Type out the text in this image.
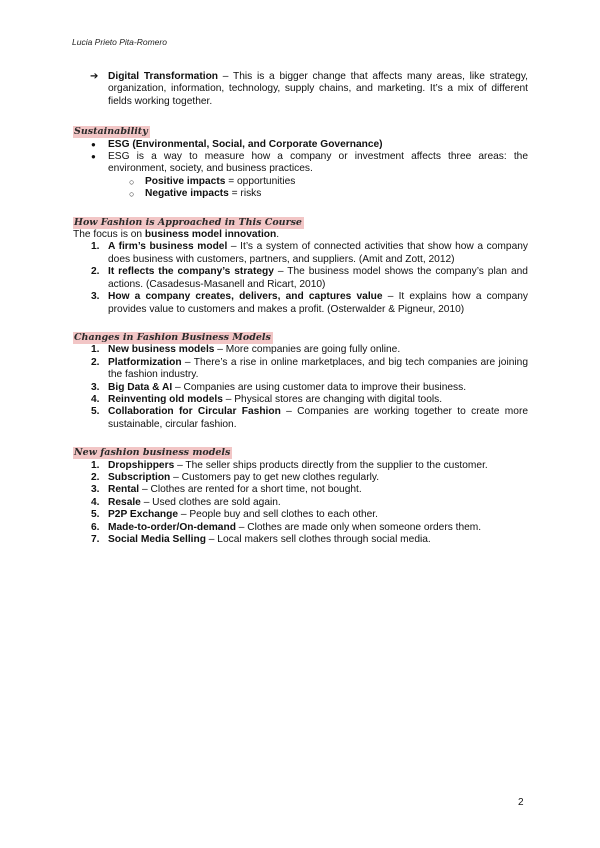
Lucia Prieto Pita-Romero
➔ Digital Transformation – This is a bigger change that affects many areas, like strategy, organization, information, technology, supply chains, and marketing. It’s a mix of different fields working together.
Sustainability
● ESG (Environmental, Social, and Corporate Governance)
● ESG is a way to measure how a company or investment affects three areas: the environment, society, and business practices.
○ Positive impacts = opportunities
○ Negative impacts = risks
How Fashion is Approached in This Course
The focus is on business model innovation.
1. A firm’s business model – It’s a system of connected activities that show how a company does business with customers, partners, and suppliers. (Amit and Zott, 2012)
2. It reflects the company’s strategy – The business model shows the company’s plan and actions. (Casadesus-Masanell and Ricart, 2010)
3. How a company creates, delivers, and captures value – It explains how a company provides value to customers and makes a profit. (Osterwalder & Pigneur, 2010)
Changes in Fashion Business Models
1. New business models – More companies are going fully online.
2. Platformization – There’s a rise in online marketplaces, and big tech companies are joining the fashion industry.
3. Big Data & AI – Companies are using customer data to improve their business.
4. Reinventing old models – Physical stores are changing with digital tools.
5. Collaboration for Circular Fashion – Companies are working together to create more sustainable, circular fashion.
New fashion business models
1. Dropshippers – The seller ships products directly from the supplier to the customer.
2. Subscription – Customers pay to get new clothes regularly.
3. Rental – Clothes are rented for a short time, not bought.
4. Resale – Used clothes are sold again.
5. P2P Exchange – People buy and sell clothes to each other.
6. Made-to-order/On-demand – Clothes are made only when someone orders them.
7. Social Media Selling – Local makers sell clothes through social media.
2
